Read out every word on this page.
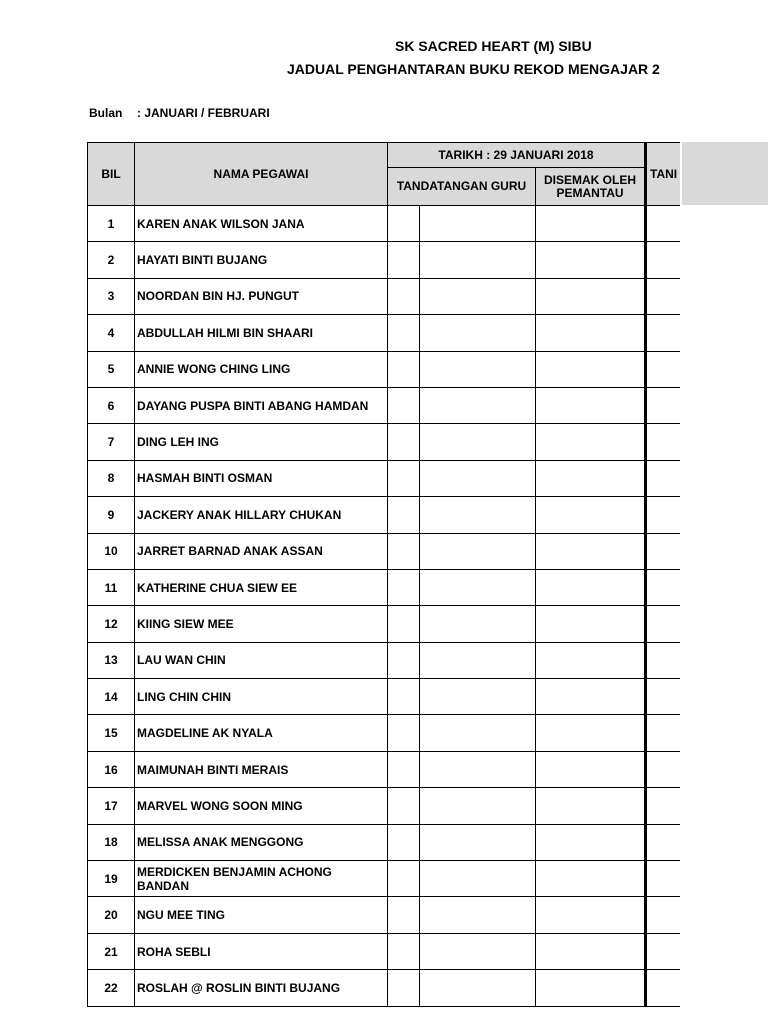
SK SACRED HEART (M) SIBU
JADUAL PENGHANTARAN BUKU REKOD MENGAJAR 2
Bulan : JANUARI / FEBRUARI
BIL	NAMA PEGAWAI	TARIKH : 29 JANUARI 2018			TANI
		TANDATANGAN GURU		DISEMAK OLEH PEMANTAU	
1	KAREN ANAK WILSON JANA				
2	HAYATI BINTI BUJANG				
3	NOORDAN BIN HJ. PUNGUT				
4	ABDULLAH HILMI BIN SHAARI				
5	ANNIE WONG CHING LING				
6	DAYANG PUSPA BINTI ABANG HAMDAN				
7	DING LEH ING				
8	HASMAH BINTI OSMAN				
9	JACKERY ANAK HILLARY CHUKAN				
10	JARRET BARNAD ANAK ASSAN				
11	KATHERINE CHUA SIEW EE				
12	KIING SIEW MEE				
13	LAU WAN CHIN				
14	LING CHIN CHIN				
15	MAGDELINE AK NYALA				
16	MAIMUNAH BINTI MERAIS				
17	MARVEL WONG SOON MING				
18	MELISSA ANAK MENGGONG				
19	MERDICKEN BENJAMIN ACHONG BANDAN				
20	NGU MEE TING				
21	ROHA SEBLI				
22	ROSLAH @ ROSLIN BINTI BUJANG				
